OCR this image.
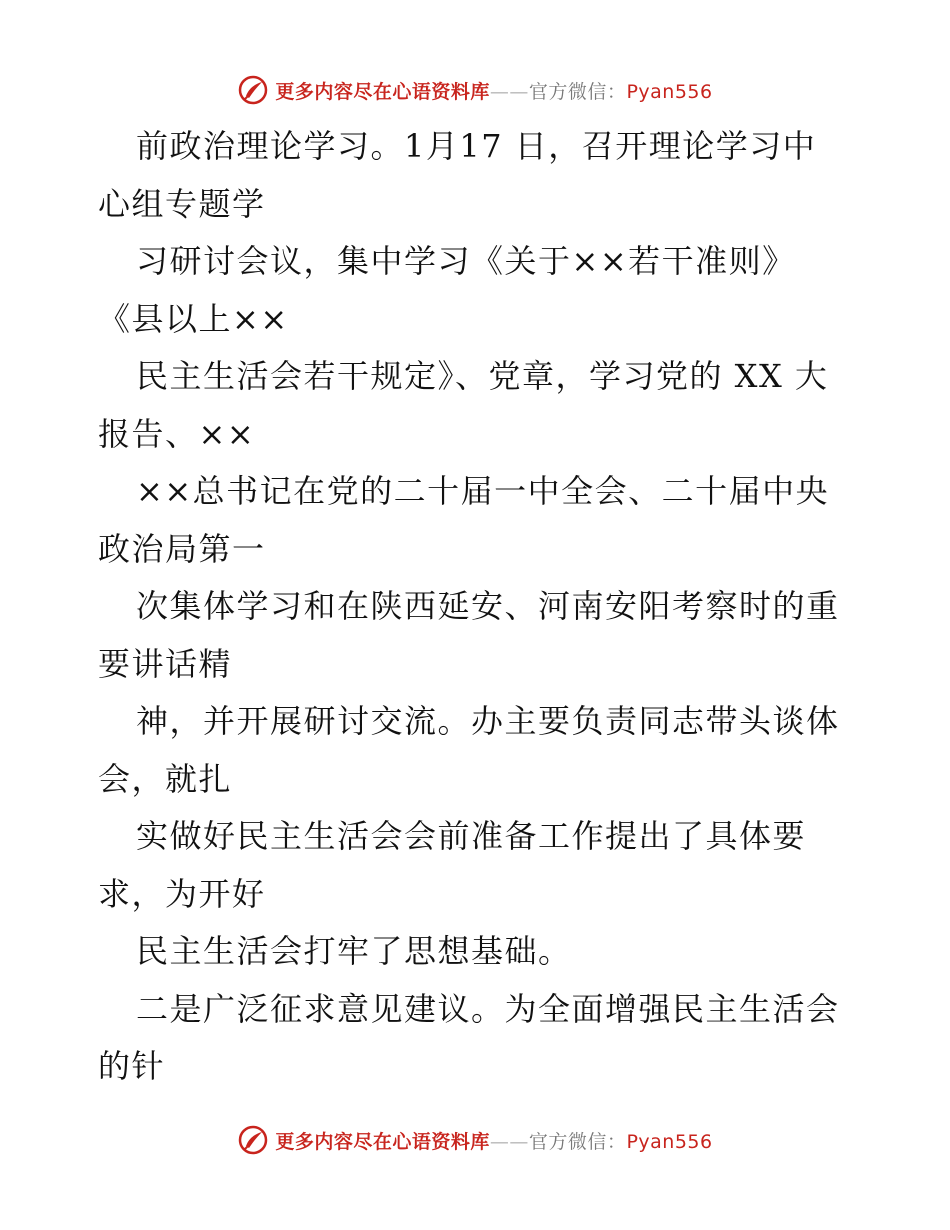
更多内容尽在心语资料库——官方微信：Pyan556
前政治理论学习。1月17 日，召开理论学习中
心组专题学
习研讨会议，集中学习《关于××若干准则》
《县以上××
民主生活会若干规定》、党章，学习党的 XX 大
报告、××
××总书记在党的二十届一中全会、二十届中央
政治局第一
次集体学习和在陕西延安、河南安阳考察时的重
要讲话精
神，并开展研讨交流。办主要负责同志带头谈体
会，就扎
实做好民主生活会会前准备工作提出了具体要
求，为开好
民主生活会打牢了思想基础。
二是广泛征求意见建议。为全面增强民主生活会
的针
更多内容尽在心语资料库——官方微信：Pyan556
